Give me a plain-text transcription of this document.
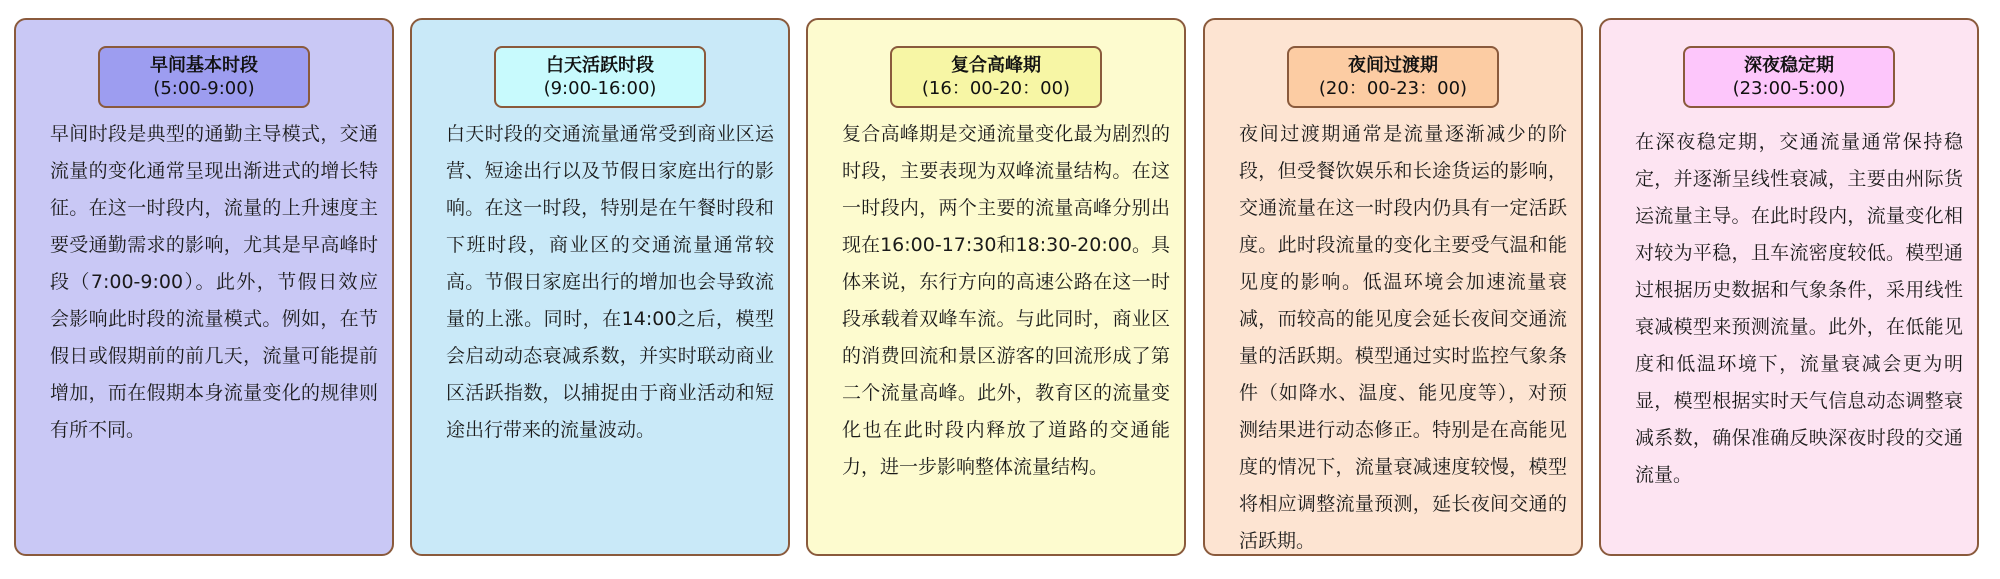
早间基本时段
(5:00-9:00)
早间时段是典型的通勤主导模式，交通流量的变化通常呈现出渐进式的增长特征。在这一时段内，流量的上升速度主要受通勤需求的影响，尤其是早高峰时段（7:00-9:00）。此外，节假日效应会影响此时段的流量模式。例如，在节假日或假期前的前几天，流量可能提前增加，而在假期本身流量变化的规律则有所不同。
白天活跃时段
(9:00-16:00)
白天时段的交通流量通常受到商业区运营、短途出行以及节假日家庭出行的影响。在这一时段，特别是在午餐时段和下班时段，商业区的交通流量通常较高。节假日家庭出行的增加也会导致流量的上涨。同时，在14:00之后，模型会启动动态衰减系数，并实时联动商业区活跃指数，以捕捉由于商业活动和短途出行带来的流量波动。
复合高峰期
(16：00-20：00)
复合高峰期是交通流量变化最为剧烈的时段，主要表现为双峰流量结构。在这一时段内，两个主要的流量高峰分别出现在16:00-17:30和18:30-20:00。具体来说，东行方向的高速公路在这一时段承载着双峰车流。与此同时，商业区的消费回流和景区游客的回流形成了第二个流量高峰。此外，教育区的流量变化也在此时段内释放了道路的交通能力，进一步影响整体流量结构。
夜间过渡期
(20：00-23：00)
夜间过渡期通常是流量逐渐减少的阶段，但受餐饮娱乐和长途货运的影响，交通流量在这一时段内仍具有一定活跃度。此时段流量的变化主要受气温和能见度的影响。低温环境会加速流量衰减，而较高的能见度会延长夜间交通流量的活跃期。模型通过实时监控气象条件（如降水、温度、能见度等），对预测结果进行动态修正。特别是在高能见度的情况下，流量衰减速度较慢，模型将相应调整流量预测，延长夜间交通的活跃期。
深夜稳定期
(23:00-5:00)
在深夜稳定期，交通流量通常保持稳定，并逐渐呈线性衰减，主要由州际货运流量主导。在此时段内，流量变化相对较为平稳，且车流密度较低。模型通过根据历史数据和气象条件，采用线性衰减模型来预测流量。此外，在低能见度和低温环境下，流量衰减会更为明显，模型根据实时天气信息动态调整衰减系数，确保准确反映深夜时段的交通流量。
